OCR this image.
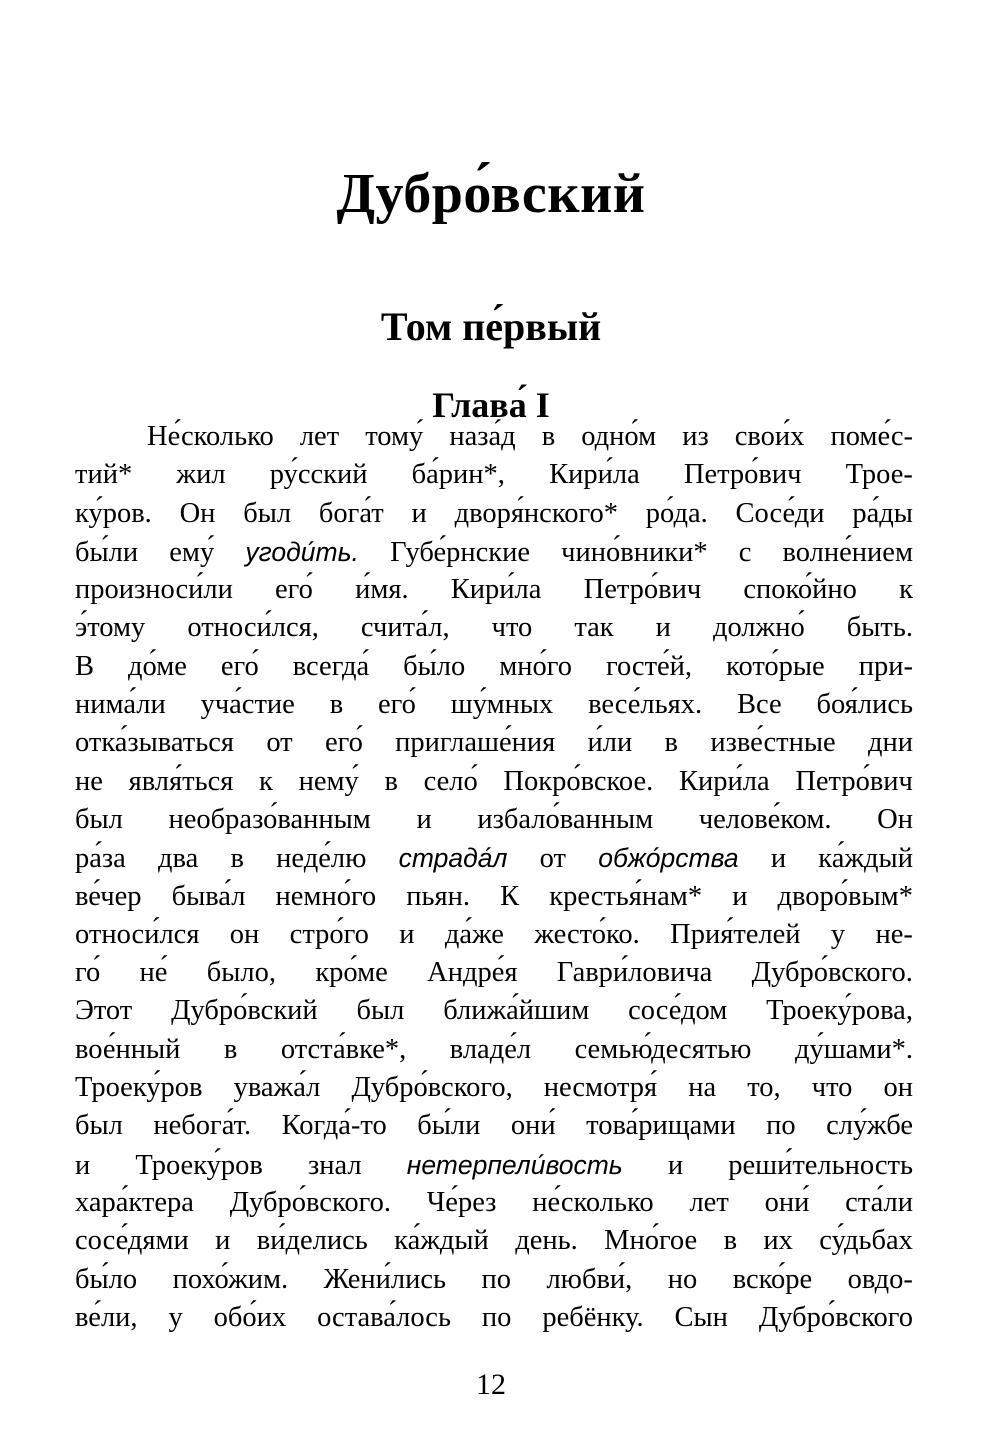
Дубро́вский
Том пе́рвый
Глава́ I

Не́сколько лет тому́ наза́д в одно́м из свои́х поме́с-
тий* жил ру́сский ба́рин*, Кири́ла Петро́вич Трое-
ку́ров. Он был бога́т и дворя́нского* ро́да. Сосе́ди ра́ды
бы́ли ему́ угоди́ть. Губе́рнские чино́вники* с волне́нием
произноси́ли его́ и́мя. Кири́ла Петро́вич споко́йно к
э́тому относи́лся, счита́л, что так и должно́ быть.
В до́ме его́ всегда́ бы́ло мно́го госте́й, кото́рые при-
нима́ли уча́стие в его́ шу́мных весе́льях. Все боя́лись
отка́зываться от его́ приглаше́ния и́ли в изве́стные дни
не явля́ться к нему́ в село́ Покро́вское. Кири́ла Петро́вич
был необразо́ванным и избало́ванным челове́ком. Он
ра́за два в неде́лю страда́л от обжо́рства и ка́ждый
ве́чер быва́л немно́го пьян. К крестья́нам* и дворо́вым*
относи́лся он стро́го и да́же жесто́ко. Прия́телей у не-
го́ не́ было, кро́ме Андре́я Гаври́ловича Дубро́вского.
Этот Дубро́вский был ближа́йшим сосе́дом Троеку́рова,
вое́нный в отста́вке*, владе́л семью́десятью ду́шами*.
Троеку́ров уважа́л Дубро́вского, несмотря́ на то, что он
был небога́т. Когда́-то бы́ли они́ това́рищами по слу́жбе
и Троеку́ров знал нетерпели́вость и реши́тельность
хара́ктера Дубро́вского. Че́рез не́сколько лет они́ ста́ли
сосе́дями и ви́делись ка́ждый день. Мно́гое в их су́дьбах
бы́ло похо́жим. Жени́лись по любви́, но вско́ре овдо-
ве́ли, у обо́их остава́лось по ребёнку. Сын Дубро́вского
12
